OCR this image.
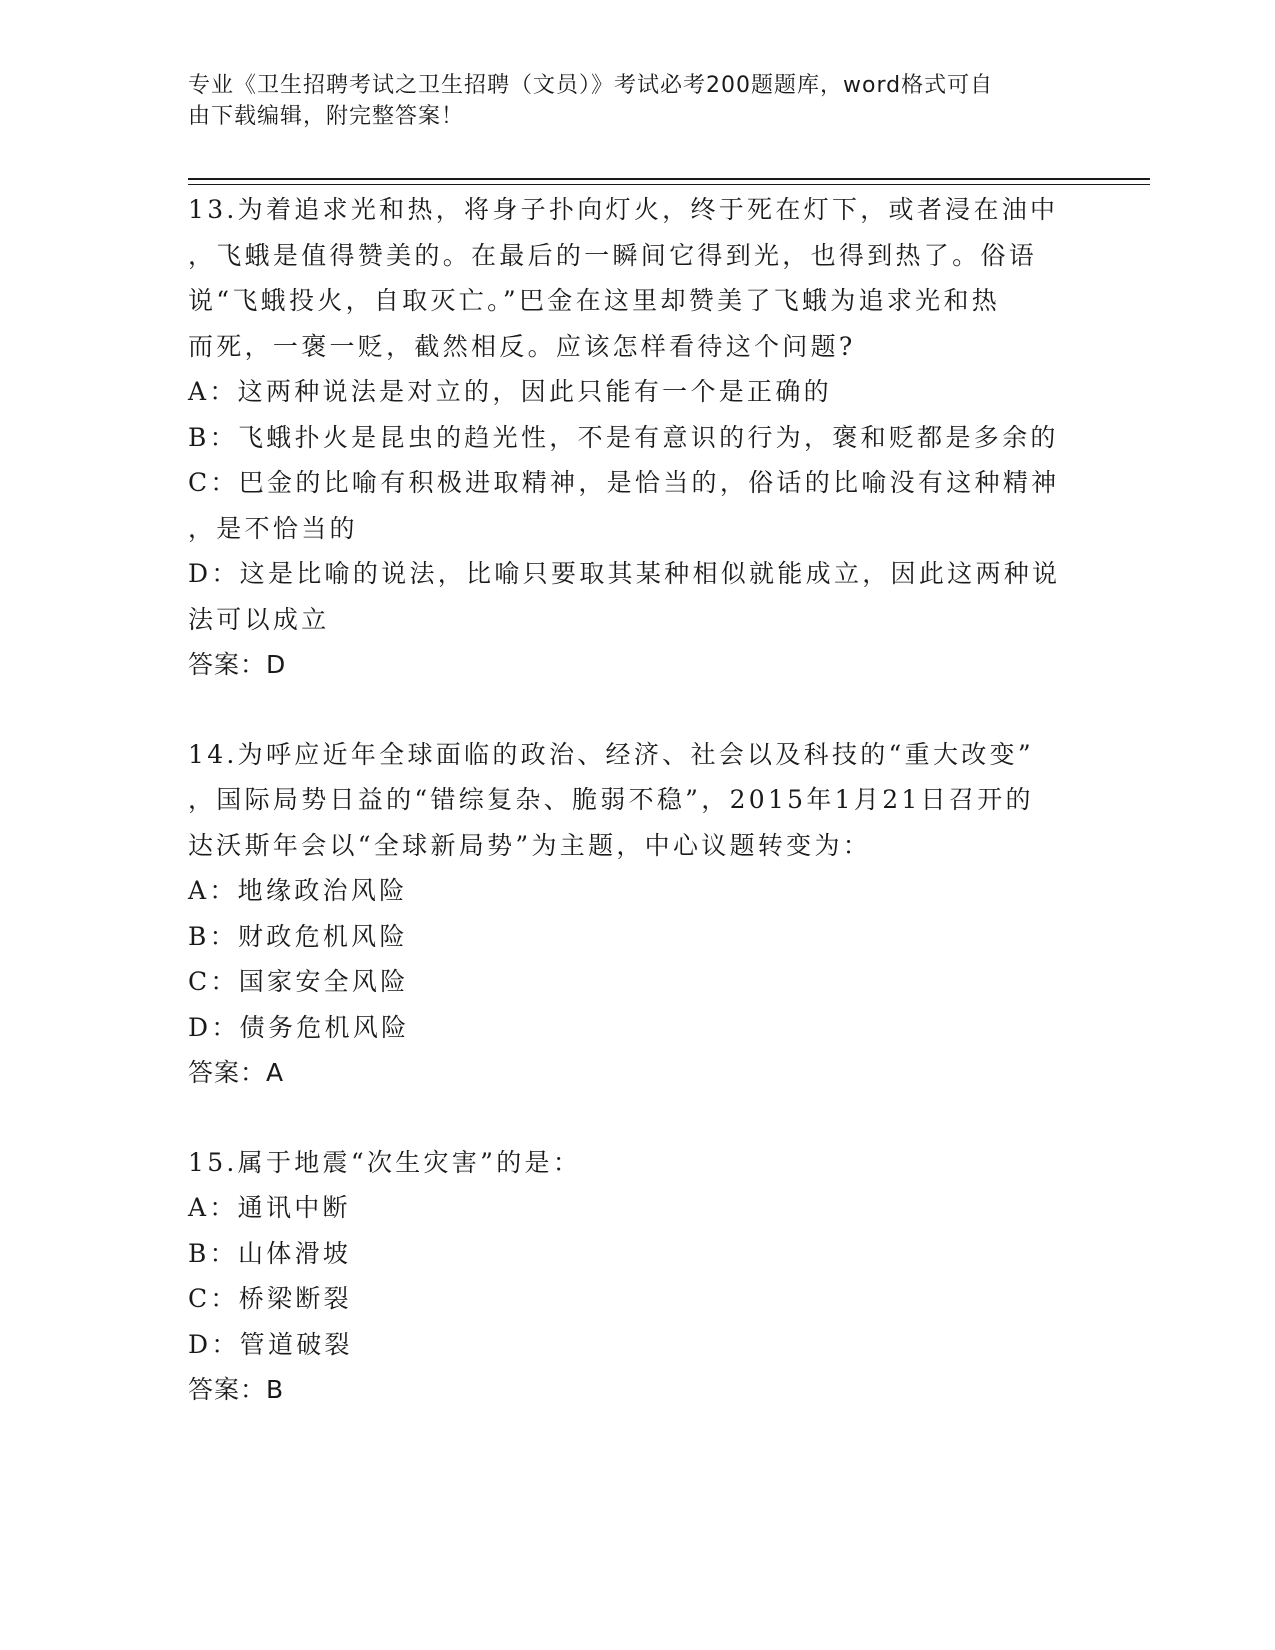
专业《卫生招聘考试之卫生招聘（文员）》考试必考200题题库，word格式可自
由下载编辑，附完整答案！
13.为着追求光和热，将身子扑向灯火，终于死在灯下，或者浸在油中
，飞蛾是值得赞美的。在最后的一瞬间它得到光，也得到热了。俗语
说“飞蛾投火，自取灭亡。”巴金在这里却赞美了飞蛾为追求光和热
而死，一褒一贬，截然相反。应该怎样看待这个问题?
A：这两种说法是对立的，因此只能有一个是正确的
B：飞蛾扑火是昆虫的趋光性，不是有意识的行为，褒和贬都是多余的
C：巴金的比喻有积极进取精神，是恰当的，俗话的比喻没有这种精神
，是不恰当的
D：这是比喻的说法，比喻只要取其某种相似就能成立，因此这两种说
法可以成立
答案：D
14.为呼应近年全球面临的政治、经济、社会以及科技的“重大改变”
，国际局势日益的“错综复杂、脆弱不稳”，2015年1月21日召开的
达沃斯年会以“全球新局势”为主题，中心议题转变为：
A：地缘政治风险
B：财政危机风险
C：国家安全风险
D：债务危机风险
答案：A
15.属于地震“次生灾害”的是：
A：通讯中断
B：山体滑坡
C：桥梁断裂
D：管道破裂
答案：B
